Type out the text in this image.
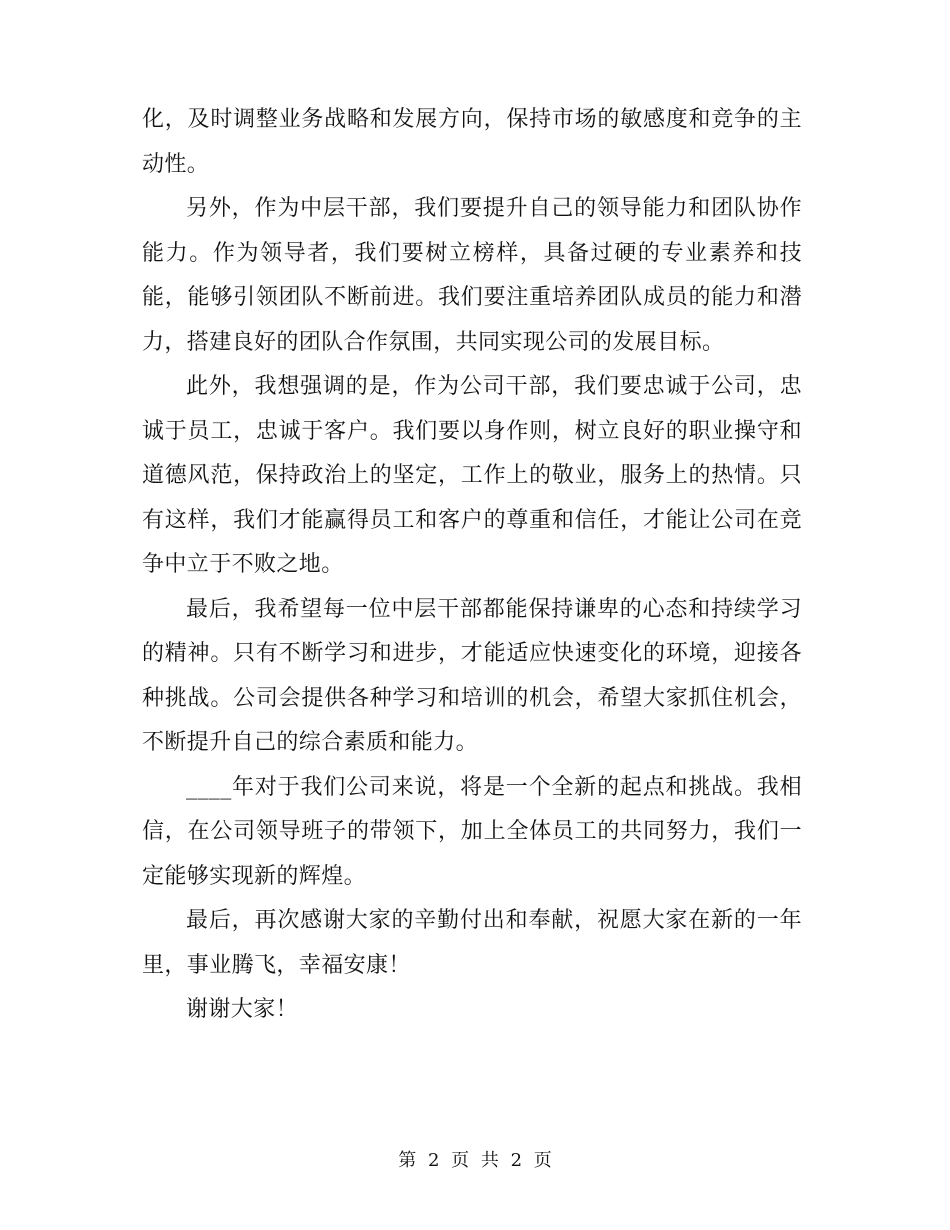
化，及时调整业务战略和发展方向，保持市场的敏感度和竞争的主动性。

另外，作为中层干部，我们要提升自己的领导能力和团队协作能力。作为领导者，我们要树立榜样，具备过硬的专业素养和技能，能够引领团队不断前进。我们要注重培养团队成员的能力和潜力，搭建良好的团队合作氛围，共同实现公司的发展目标。

此外，我想强调的是，作为公司干部，我们要忠诚于公司，忠诚于员工，忠诚于客户。我们要以身作则，树立良好的职业操守和道德风范，保持政治上的坚定，工作上的敬业，服务上的热情。只有这样，我们才能赢得员工和客户的尊重和信任，才能让公司在竞争中立于不败之地。

最后，我希望每一位中层干部都能保持谦卑的心态和持续学习的精神。只有不断学习和进步，才能适应快速变化的环境，迎接各种挑战。公司会提供各种学习和培训的机会，希望大家抓住机会，不断提升自己的综合素质和能力。

____年对于我们公司来说，将是一个全新的起点和挑战。我相信，在公司领导班子的带领下，加上全体员工的共同努力，我们一定能够实现新的辉煌。

最后，再次感谢大家的辛勤付出和奉献，祝愿大家在新的一年里，事业腾飞，幸福安康！

谢谢大家！

第 2 页 共 2 页
